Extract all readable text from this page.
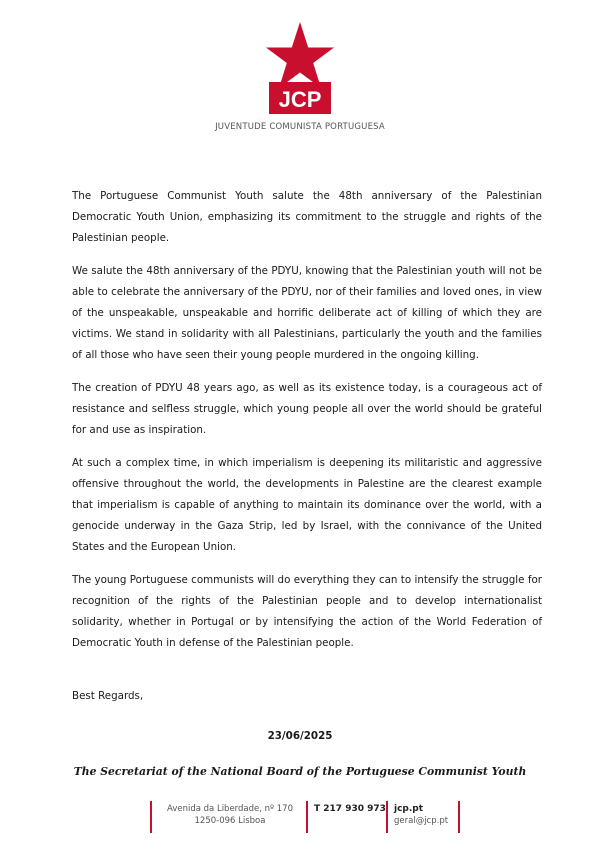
JCP
JUVENTUDE COMUNISTA PORTUGUESA

The Portuguese Communist Youth salute the 48th anniversary of the Palestinian Democratic Youth Union, emphasizing its commitment to the struggle and rights of the Palestinian people.

We salute the 48th anniversary of the PDYU, knowing that the Palestinian youth will not be able to celebrate the anniversary of the PDYU, nor of their families and loved ones, in view of the unspeakable, unspeakable and horrific deliberate act of killing of which they are victims. We stand in solidarity with all Palestinians, particularly the youth and the families of all those who have seen their young people murdered in the ongoing killing.

The creation of PDYU 48 years ago, as well as its existence today, is a courageous act of resistance and selfless struggle, which young people all over the world should be grateful for and use as inspiration.

At such a complex time, in which imperialism is deepening its militaristic and aggressive offensive throughout the world, the developments in Palestine are the clearest example that imperialism is capable of anything to maintain its dominance over the world, with a genocide underway in the Gaza Strip, led by Israel, with the connivance of the United States and the European Union.

The young Portuguese communists will do everything they can to intensify the struggle for recognition of the rights of the Palestinian people and to develop internationalist solidarity, whether in Portugal or by intensifying the action of the World Federation of Democratic Youth in defense of the Palestinian people.

Best Regards,
23/06/2025
The Secretariat of the National Board of the Portuguese Communist Youth
Avenida da Liberdade, nº 170
1250-096 Lisboa
T 217 930 973 jcp.pt
geral@jcp.pt
